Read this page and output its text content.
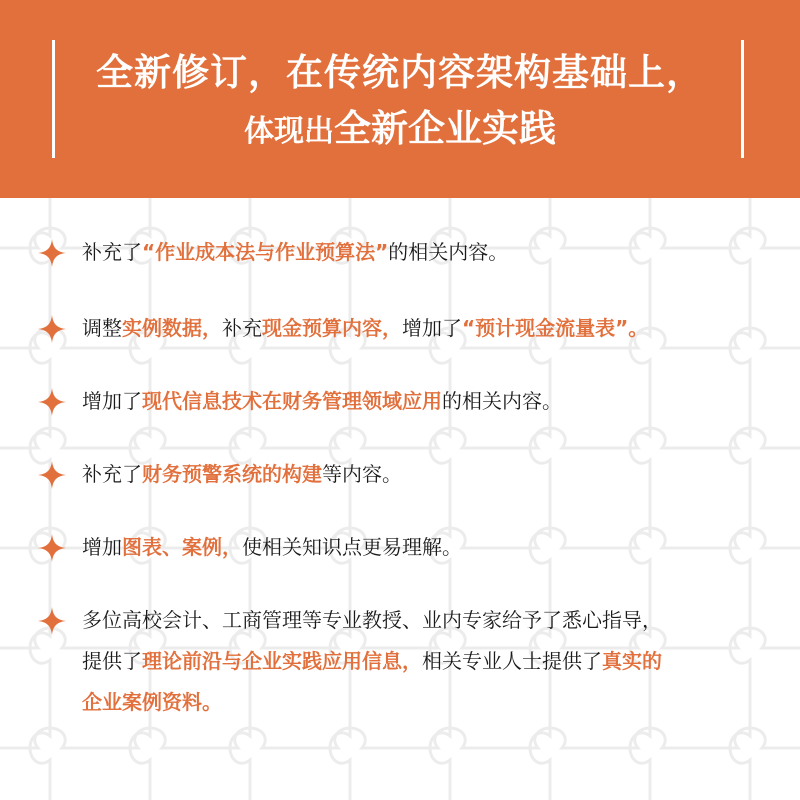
全新修订，在传统内容架构基础上，
体现出全新企业实践
补充了“作业成本法与作业预算法”的相关内容。
调整实例数据，补充现金预算内容，增加了“预计现金流量表”。
增加了现代信息技术在财务管理领域应用的相关内容。
补充了财务预警系统的构建等内容。
增加图表、案例，使相关知识点更易理解。
多位高校会计、工商管理等专业教授、业内专家给予了悉心指导，
提供了理论前沿与企业实践应用信息，相关专业人士提供了真实的
企业案例资料。
